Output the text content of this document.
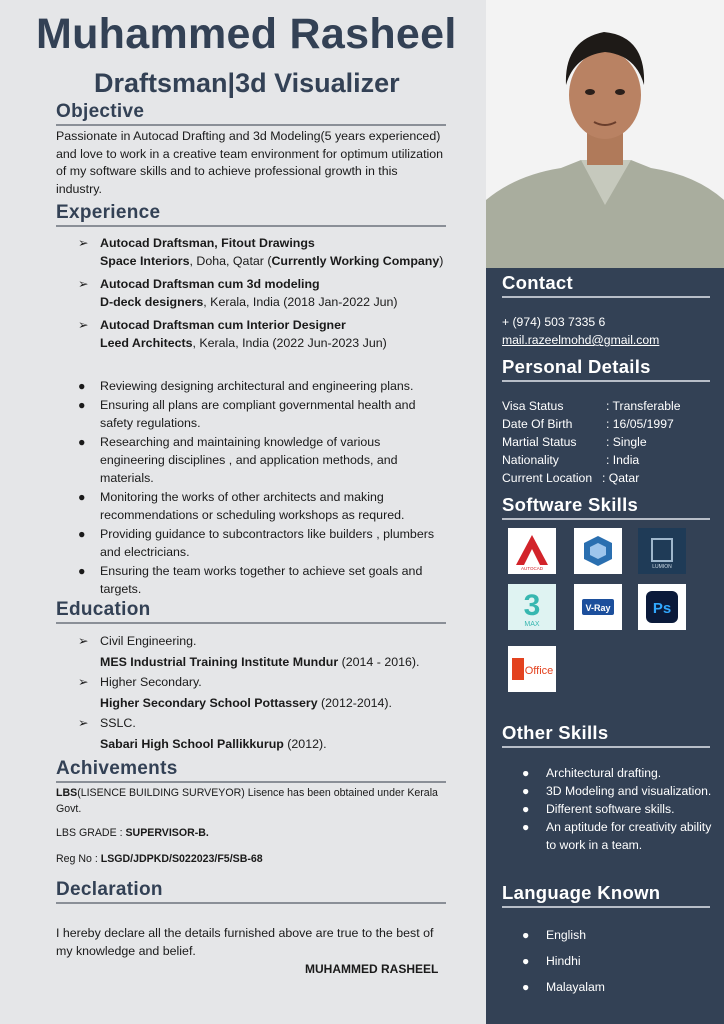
Muhammed Rasheel
Draftsman|3d Visualizer
Objective
Passionate in Autocad Drafting and 3d Modeling(5 years experienced) and love to work in a creative team environment for optimum utilization of my software skills and to achieve professional growth in this industry.
Experience
➢ Autocad Draftsman, Fitout Drawings
Space Interiors, Doha, Qatar (Currently Working Company)
➢ Autocad Draftsman cum 3d modeling
D-deck designers, Kerala, India (2018 Jan-2022 Jun)
➢ Autocad Draftsman cum Interior Designer
Leed Architects, Kerala, India (2022 Jun-2023 Jun)
● Reviewing designing architectural and engineering plans.
● Ensuring all plans are compliant governmental health and safety regulations.
● Researching and maintaining knowledge of various engineering disciplines , and application methods, and materials.
● Monitoring the works of other architects and making recommendations or scheduling workshops as requred.
● Providing guidance to subcontractors like builders , plumbers and electricians.
● Ensuring the team works together to achieve set goals and targets.
Education
➢ Civil Engineering.
MES Industrial Training Institute Mundur (2014 - 2016).
➢ Higher Secondary.
Higher Secondary School Pottassery (2012-2014).
➢ SSLC.
Sabari High School Pallikkurup (2012).
Achivements
LBS(LISENCE BUILDING SURVEYOR) Lisence has been obtained under Kerala Govt.
LBS GRADE : SUPERVISOR-B.
Reg No : LSGD/JDPKD/S022023/F5/SB-68
Declaration
I hereby declare all the details furnished above are true to the best of my knowledge and belief.
MUHAMMED RASHEEL
Contact
+ (974) 503 7335 6
mail.razeelmohd@gmail.com
Personal Details
Visa Status	: Transferable
Date Of Birth	: 16/05/1997
Martial Status	: Single
Nationality	: India
Current Location : Qatar
Software Skills
AUTOCAD	LUMION
3
MAX
V-Ray	Ps
Office
Other Skills
● Architectural drafting.
● 3D Modeling and visualization.
● Different software skills.
● An aptitude for creativity ability to work in a team.
Language Known
● English
● Hindhi
● Malayalam
